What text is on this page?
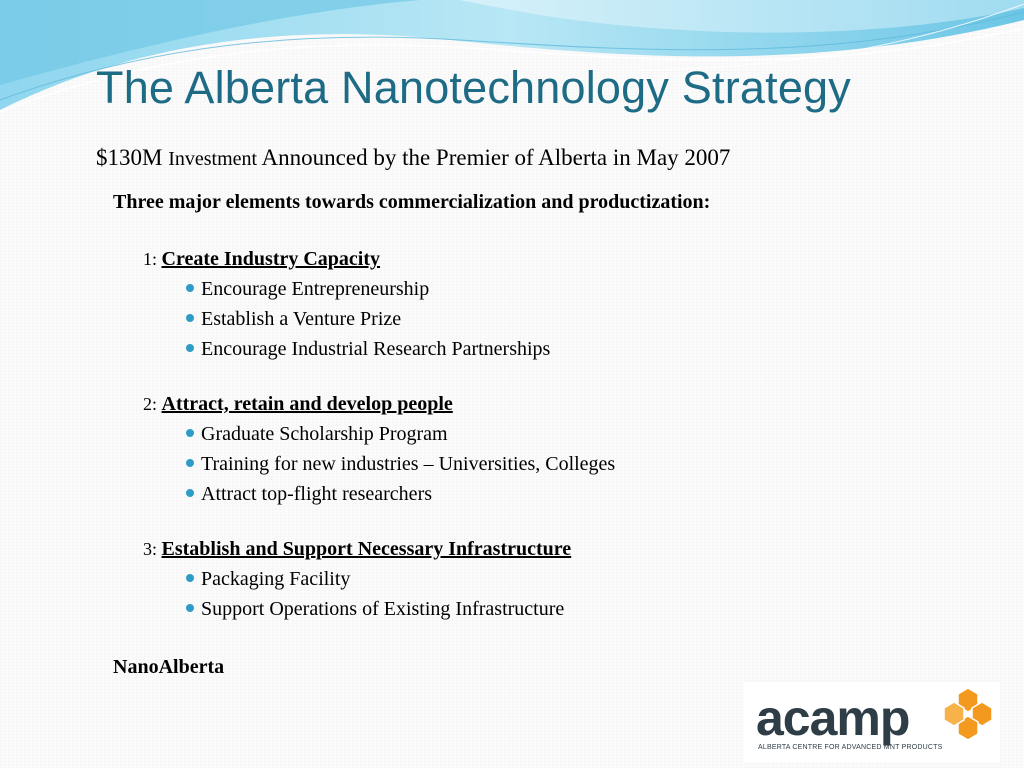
The Alberta Nanotechnology Strategy
$130M Investment Announced by the Premier of Alberta in May 2007
Three major elements towards commercialization and productization:
1: Create Industry Capacity
Encourage Entrepreneurship
Establish a Venture Prize
Encourage Industrial Research Partnerships
2: Attract, retain and develop people
Graduate Scholarship Program
Training for new industries – Universities, Colleges
Attract top-flight researchers
3: Establish and Support Necessary Infrastructure
Packaging Facility
Support Operations of Existing Infrastructure
NanoAlberta
acamp
ALBERTA CENTRE FOR ADVANCED MNT PRODUCTS
